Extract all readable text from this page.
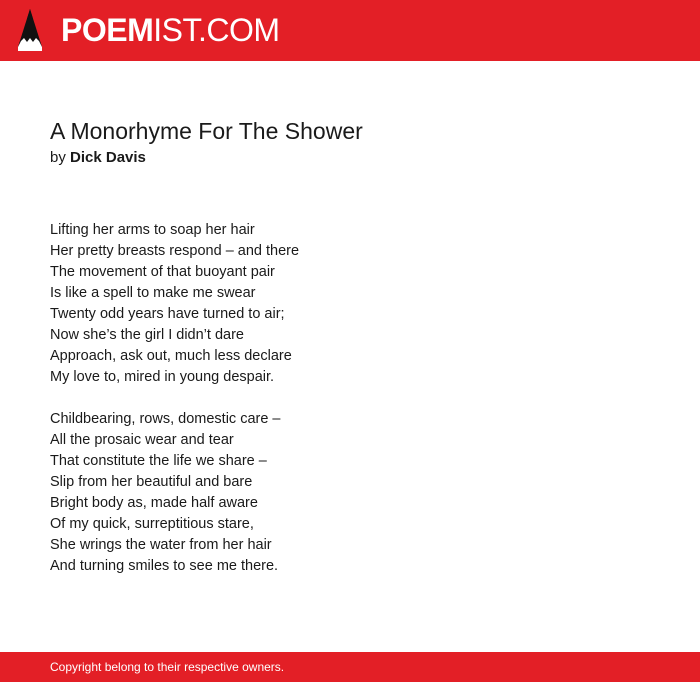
POEMIST.COM
A Monorhyme For The Shower
by Dick Davis
Lifting her arms to soap her hair
Her pretty breasts respond – and there
The movement of that buoyant pair
Is like a spell to make me swear
Twenty odd years have turned to air;
Now she’s the girl I didn’t dare
Approach, ask out, much less declare
My love to, mired in young despair.
Childbearing, rows, domestic care –
All the prosaic wear and tear
That constitute the life we share –
Slip from her beautiful and bare
Bright body as, made half aware
Of my quick, surreptitious stare,
She wrings the water from her hair
And turning smiles to see me there.
Copyright belong to their respective owners.
